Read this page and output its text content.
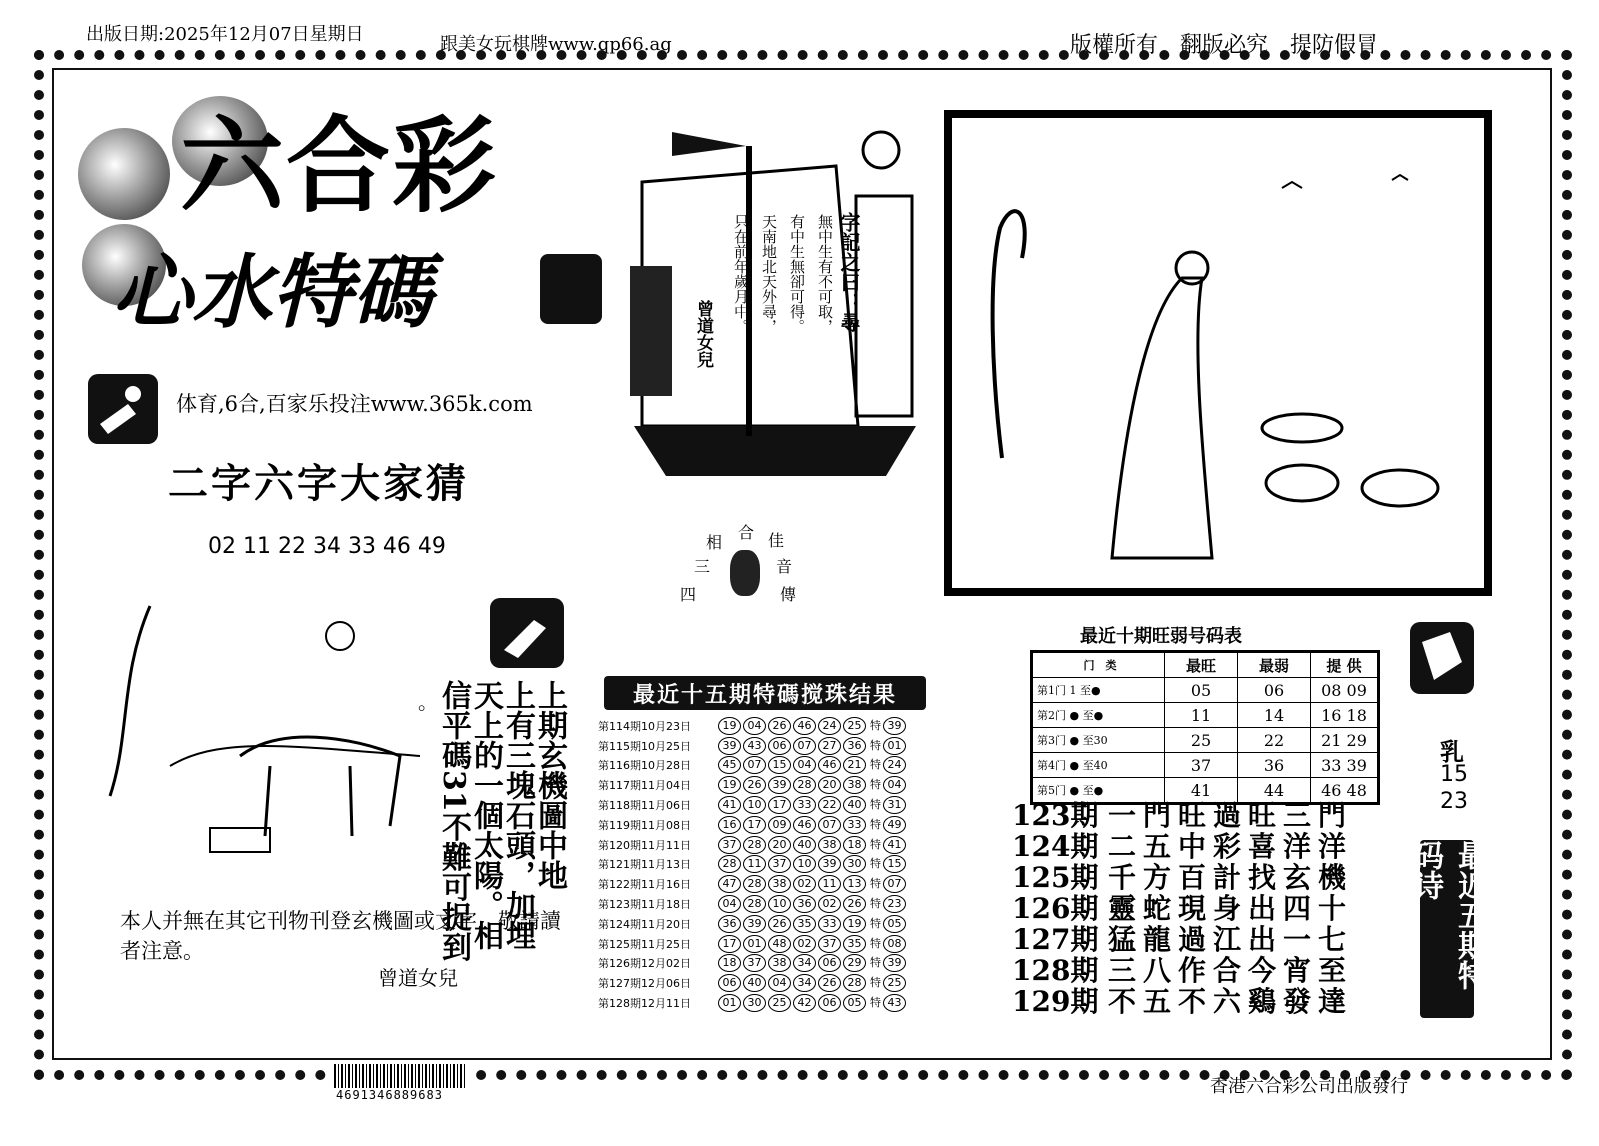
出版日期:2025年12月07日星期日	跟美女玩棋牌www.qp66.ag	版權所有　翻版必究　提防假冒
六合彩
心水特碼
体育,6合,百家乐投注www.365k.com
二字六字大家猜
02 11 22 34 33 46 49
字記之曰：尋
無中生有不可取，
有中生無卻可得。
天南地北天外尋，
只在前年歲月中。
曾道女兒
相
合 佳
三	音
四	傳
上期玄機圖中地
上有三塊石頭，加埋
天上的一個太陽。相
信平碼31不難可捉到
。
本人并無在其它刊物刊登玄機圖或文字，敬請讀者注意。
曾道女兒
最近十五期特碼搅珠结果
第114期10月23日	19 04 26 46 24 25 特 39
第115期10月25日	39 43 06 07 27 36 特 01
第116期10月28日	45 07 15 04 46 21 特 24
第117期11月04日	19 26 39 28 20 38 特 04
第118期11月06日	41 10 17 33 22 40 特 31
第119期11月08日	16 17 09 46 07 33 特 49
第120期11月11日	37 28 20 40 38 18 特 41
第121期11月13日	28 11 37 10 39 30 特 15
第122期11月16日	47 28 38 02 11 13 特 07
第123期11月18日	04 28 10 36 02 26 特 23
第124期11月20日	36 39 26 35 33 19 特 05
第125期11月25日	17 01 48 02 37 35 特 08
第126期12月02日	18 37 38 34 06 29 特 39
第127期12月06日	06 40 04 34 26 28 特 25
第128期12月11日	01 30 25 42 06 05 特 43
最近十期旺弱号码表
门　类	最旺	最弱	提 供
第1门 1 至●	05	06	08 09
第2门 ● 至●	11	14	16 18
第3门 ● 至30	25	22	21 29
第4门 ● 至40	37	36	33 39
第5门 ● 至●	41	44	46 48
123期 一門旺過旺三門
124期 二五中彩喜洋洋
125期 千方百計找玄機
126期 靈蛇現身出四十
127期 猛龍過江出一七
128期 三八作合今宵至
129期 不五不六鷄發達
乳
15
23
最近五期特码诗
4691346889683	香港六合彩公司出版發行
